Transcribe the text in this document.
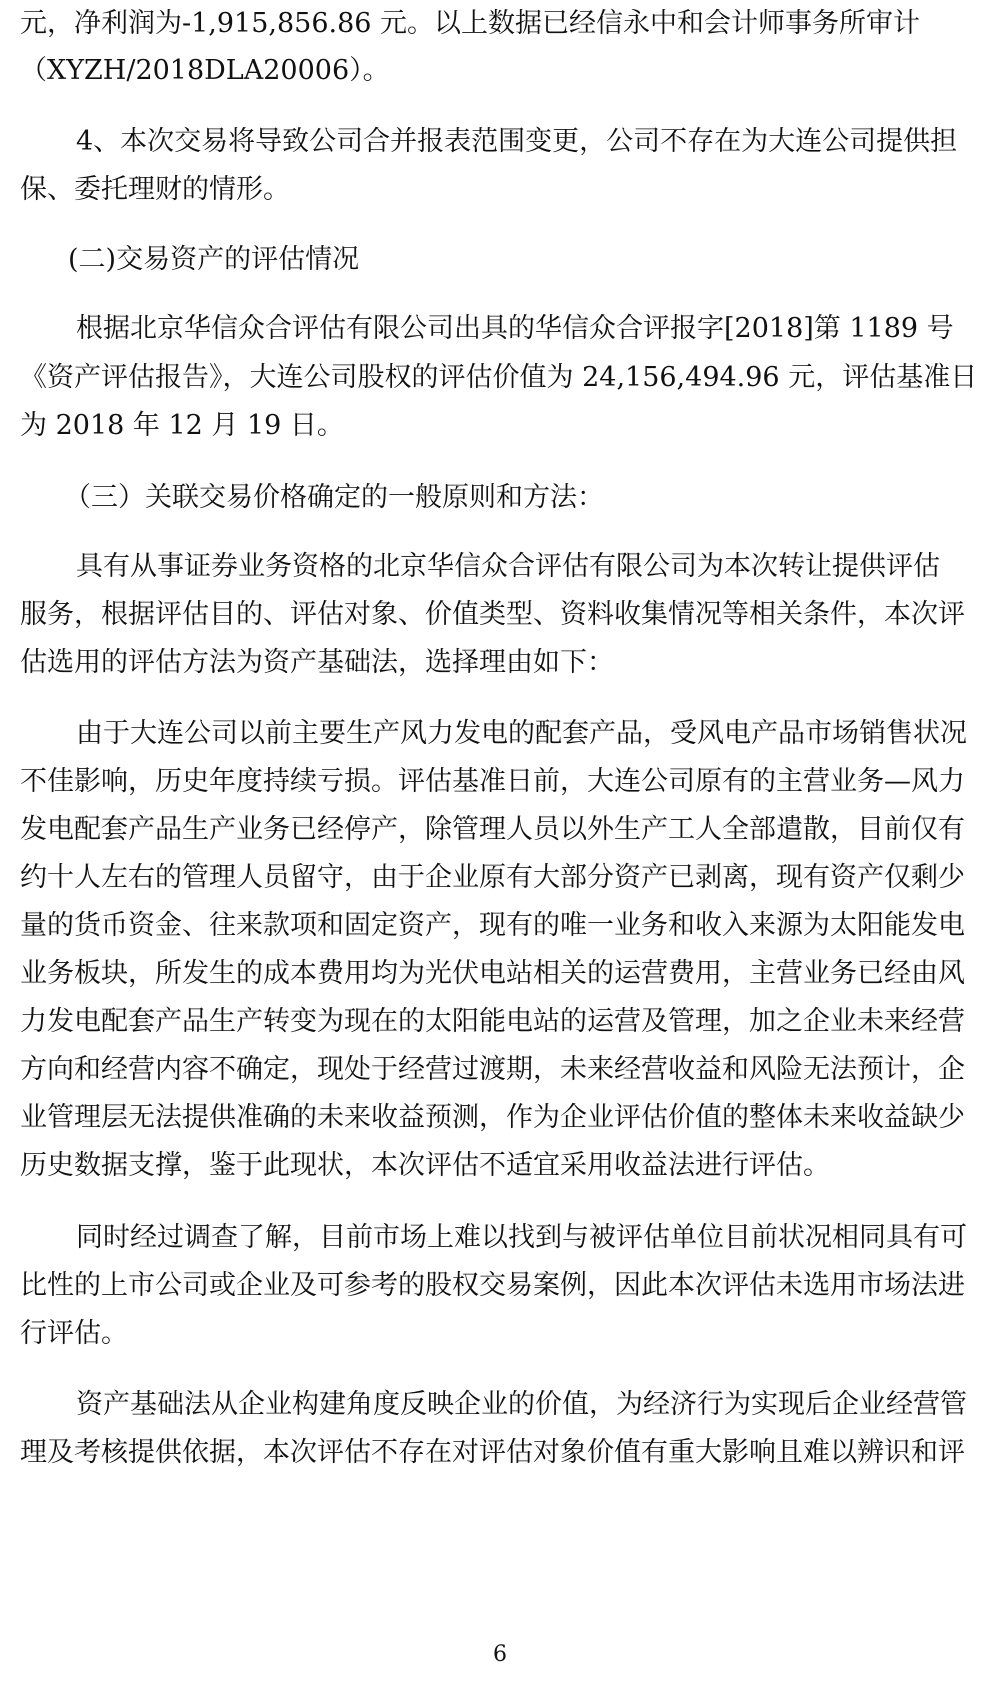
元，净利润为-1,915,856.86 元。以上数据已经信永中和会计师事务所审计
（XYZH/2018DLA20006）。
4、本次交易将导致公司合并报表范围变更，公司不存在为大连公司提供担
保、委托理财的情形。
(二)交易资产的评估情况
根据北京华信众合评估有限公司出具的华信众合评报字[2018]第 1189 号
《资产评估报告》，大连公司股权的评估价值为 24,156,494.96 元，评估基准日
为 2018 年 12 月 19 日。
（三）关联交易价格确定的一般原则和方法：
具有从事证券业务资格的北京华信众合评估有限公司为本次转让提供评估
服务，根据评估目的、评估对象、价值类型、资料收集情况等相关条件，本次评
估选用的评估方法为资产基础法，选择理由如下：
由于大连公司以前主要生产风力发电的配套产品，受风电产品市场销售状况
不佳影响，历史年度持续亏损。评估基准日前，大连公司原有的主营业务—风力
发电配套产品生产业务已经停产，除管理人员以外生产工人全部遣散，目前仅有
约十人左右的管理人员留守，由于企业原有大部分资产已剥离，现有资产仅剩少
量的货币资金、往来款项和固定资产，现有的唯一业务和收入来源为太阳能发电
业务板块，所发生的成本费用均为光伏电站相关的运营费用，主营业务已经由风
力发电配套产品生产转变为现在的太阳能电站的运营及管理，加之企业未来经营
方向和经营内容不确定，现处于经营过渡期，未来经营收益和风险无法预计，企
业管理层无法提供准确的未来收益预测，作为企业评估价值的整体未来收益缺少
历史数据支撑，鉴于此现状，本次评估不适宜采用收益法进行评估。
同时经过调查了解，目前市场上难以找到与被评估单位目前状况相同具有可
比性的上市公司或企业及可参考的股权交易案例，因此本次评估未选用市场法进
行评估。
资产基础法从企业构建角度反映企业的价值，为经济行为实现后企业经营管
理及考核提供依据，本次评估不存在对评估对象价值有重大影响且难以辨识和评
6
